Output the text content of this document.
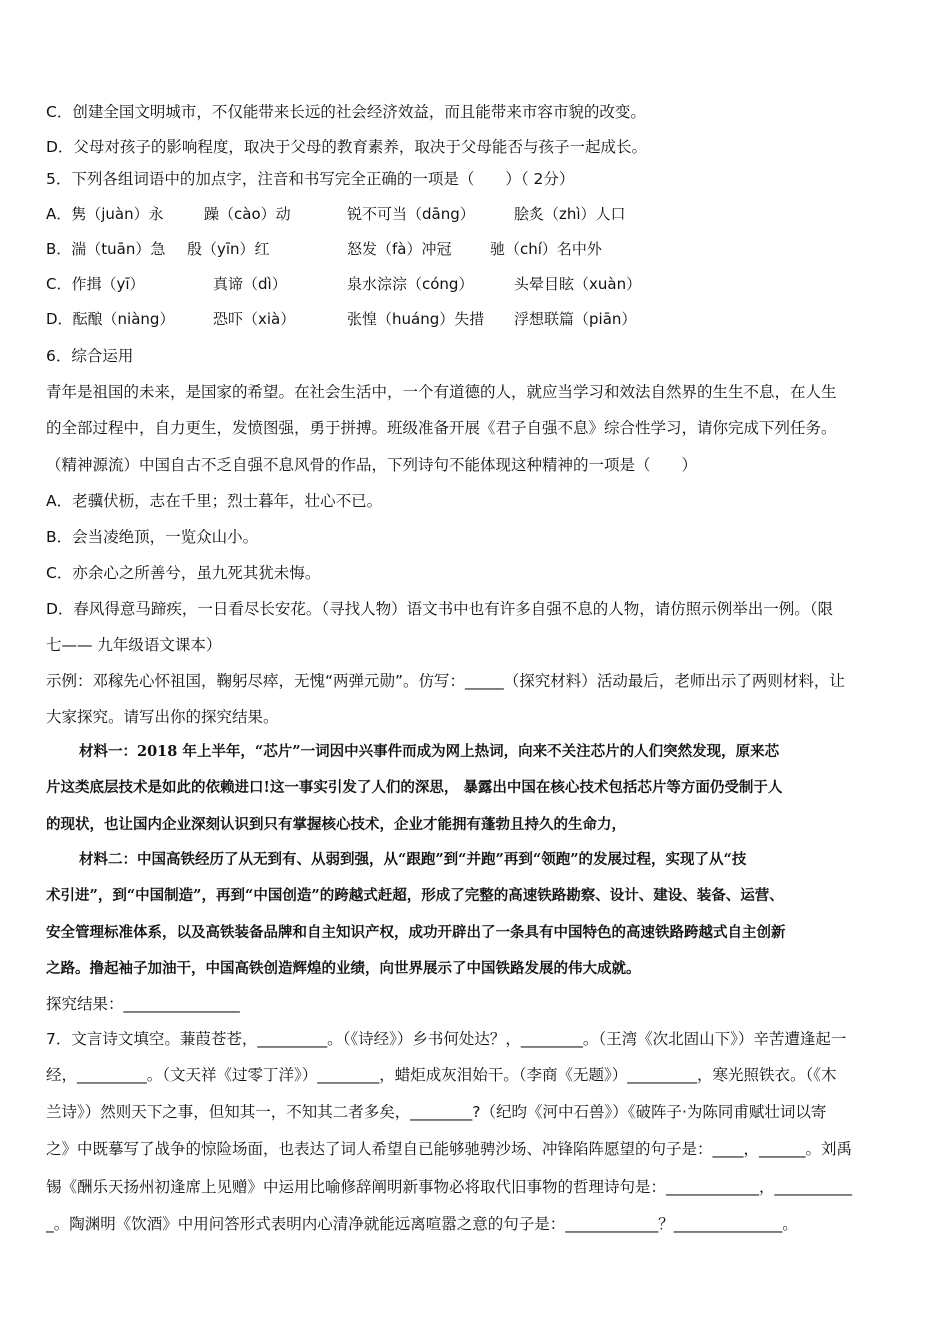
C．创建全国文明城市，不仅能带来长远的社会经济效益，而且能带来市容市貌的改变。
D．父母对孩子的影响程度，取决于父母的教育素养，取决于父母能否与孩子一起成长。
5．下列各组词语中的加点字，注音和书写完全正确的一项是（　　）（ 2分）
A．隽（juàn）永	躁（cào）动	锐不可当（dāng）	脍炙（zhì）人口
B．湍（tuān）急 殷（yīn）红	怒发（fà）冲冠	驰（chí）名中外
C．作揖（yī）	真谛（dì）	泉水淙淙（cóng）	头晕目眩（xuàn）
D．酝酿（niàng）	恐吓（xià）	张惶（huáng）失措 浮想联篇（piān）
6．综合运用
青年是祖国的未来，是国家的希望。在社会生活中，一个有道德的人，就应当学习和效法自然界的生生不息，在人生
的全部过程中，自力更生，发愤图强，勇于拼搏。班级准备开展《君子自强不息》综合性学习，请你完成下列任务。
（精神源流）中国自古不乏自强不息风骨的作品，下列诗句不能体现这种精神的一项是（　　）
A．老骥伏枥，志在千里；烈士暮年，壮心不已。
B．会当凌绝顶，一览众山小。
C．亦余心之所善兮，虽九死其犹未悔。
D．春风得意马蹄疾，一日看尽长安花。（寻找人物）语文书中也有许多自强不息的人物，请仿照示例举出一例。（限
七—— 九年级语文课本）
示例：邓稼先心怀祖国，鞠躬尽瘁，无愧“两弹元勋”。仿写：_____（探究材料）活动最后，老师出示了两则材料，让
大家探究。请写出你的探究结果。
材料一：2018 年上半年，“芯片”一词因中兴事件而成为网上热词，向来不关注芯片的人们突然发现，原来芯
片这类底层技术是如此的依赖进口!这一事实引发了人们的深思， 暴露出中国在核心技术包括芯片等方面仍受制于人
的现状，也让国内企业深刻认识到只有掌握核心技术，企业才能拥有蓬勃且持久的生命力，
材料二：中国高铁经历了从无到有、从弱到强，从“跟跑”到“并跑”再到“领跑”的发展过程，实现了从“技
术引进”，到“中国制造”，再到“中国创造”的跨越式赶超，形成了完整的高速铁路勘察、设计、建设、装备、运营、
安全管理标准体系，以及高铁装备品牌和自主知识产权，成功开辟出了一条具有中国特色的高速铁路跨越式自主创新
之路。撸起袖子加油干，中国高铁创造辉煌的业绩，向世界展示了中国铁路发展的伟大成就。
探究结果：_______________
7．文言诗文填空。蒹葭苍苍，_________。（《诗经》）乡书何处达？，________。（王湾《次北固山下》）辛苦遭逢起一
经，_________。（文天祥《过零丁洋》）________，蜡炬成灰泪始干。（李商《无题》）_________，寒光照铁衣。（《木
兰诗》）然则天下之事，但知其一，不知其二者多矣，________?（纪昀《河中石兽》）《破阵子·为陈同甫赋壮词以寄
之》中既摹写了战争的惊险场面，也表达了词人希望自已能够驰骋沙场、冲锋陷阵愿望的句子是：____，______。刘禹
锡《酬乐天扬州初逢席上见赠》中运用比喻修辞阐明新事物必将取代旧事物的哲理诗句是：____________，__________
_。陶渊明《饮酒》中用问答形式表明内心清净就能远离喧嚣之意的句子是：____________？______________。
